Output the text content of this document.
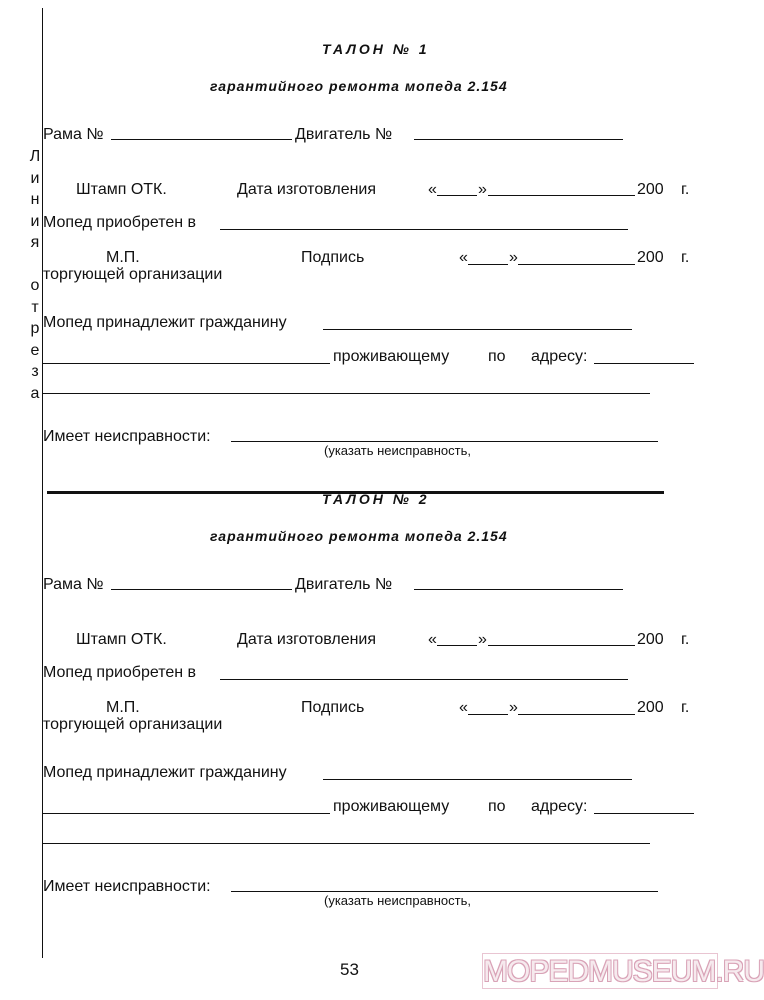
Л
и
н
и
я

о
т
р
е
з
а
ТАЛОН № 1
гарантийного ремонта мопеда 2.154
Рама №	Двигатель №
Штамп ОТК.	Дата изготовления	«	»	200 г.
Мопед приобретен в
М.П.	Подпись	«	»	200 г.
торгующей организации
Мопед принадлежит гражданину
проживающему по адресу:
Имеет неисправности:
(указать неисправность,
ТАЛОН № 2
гарантийного ремонта мопеда 2.154
Рама №	Двигатель №
Штамп ОТК.	Дата изготовления	«	»	200 г.
Мопед приобретен в
М.П.	Подпись	«	»	200 г.
торгующей организации
Мопед принадлежит гражданину
проживающему по адресу:
Имеет неисправности:
(указать неисправность,
53	MOPEDMUSEUM.RU
